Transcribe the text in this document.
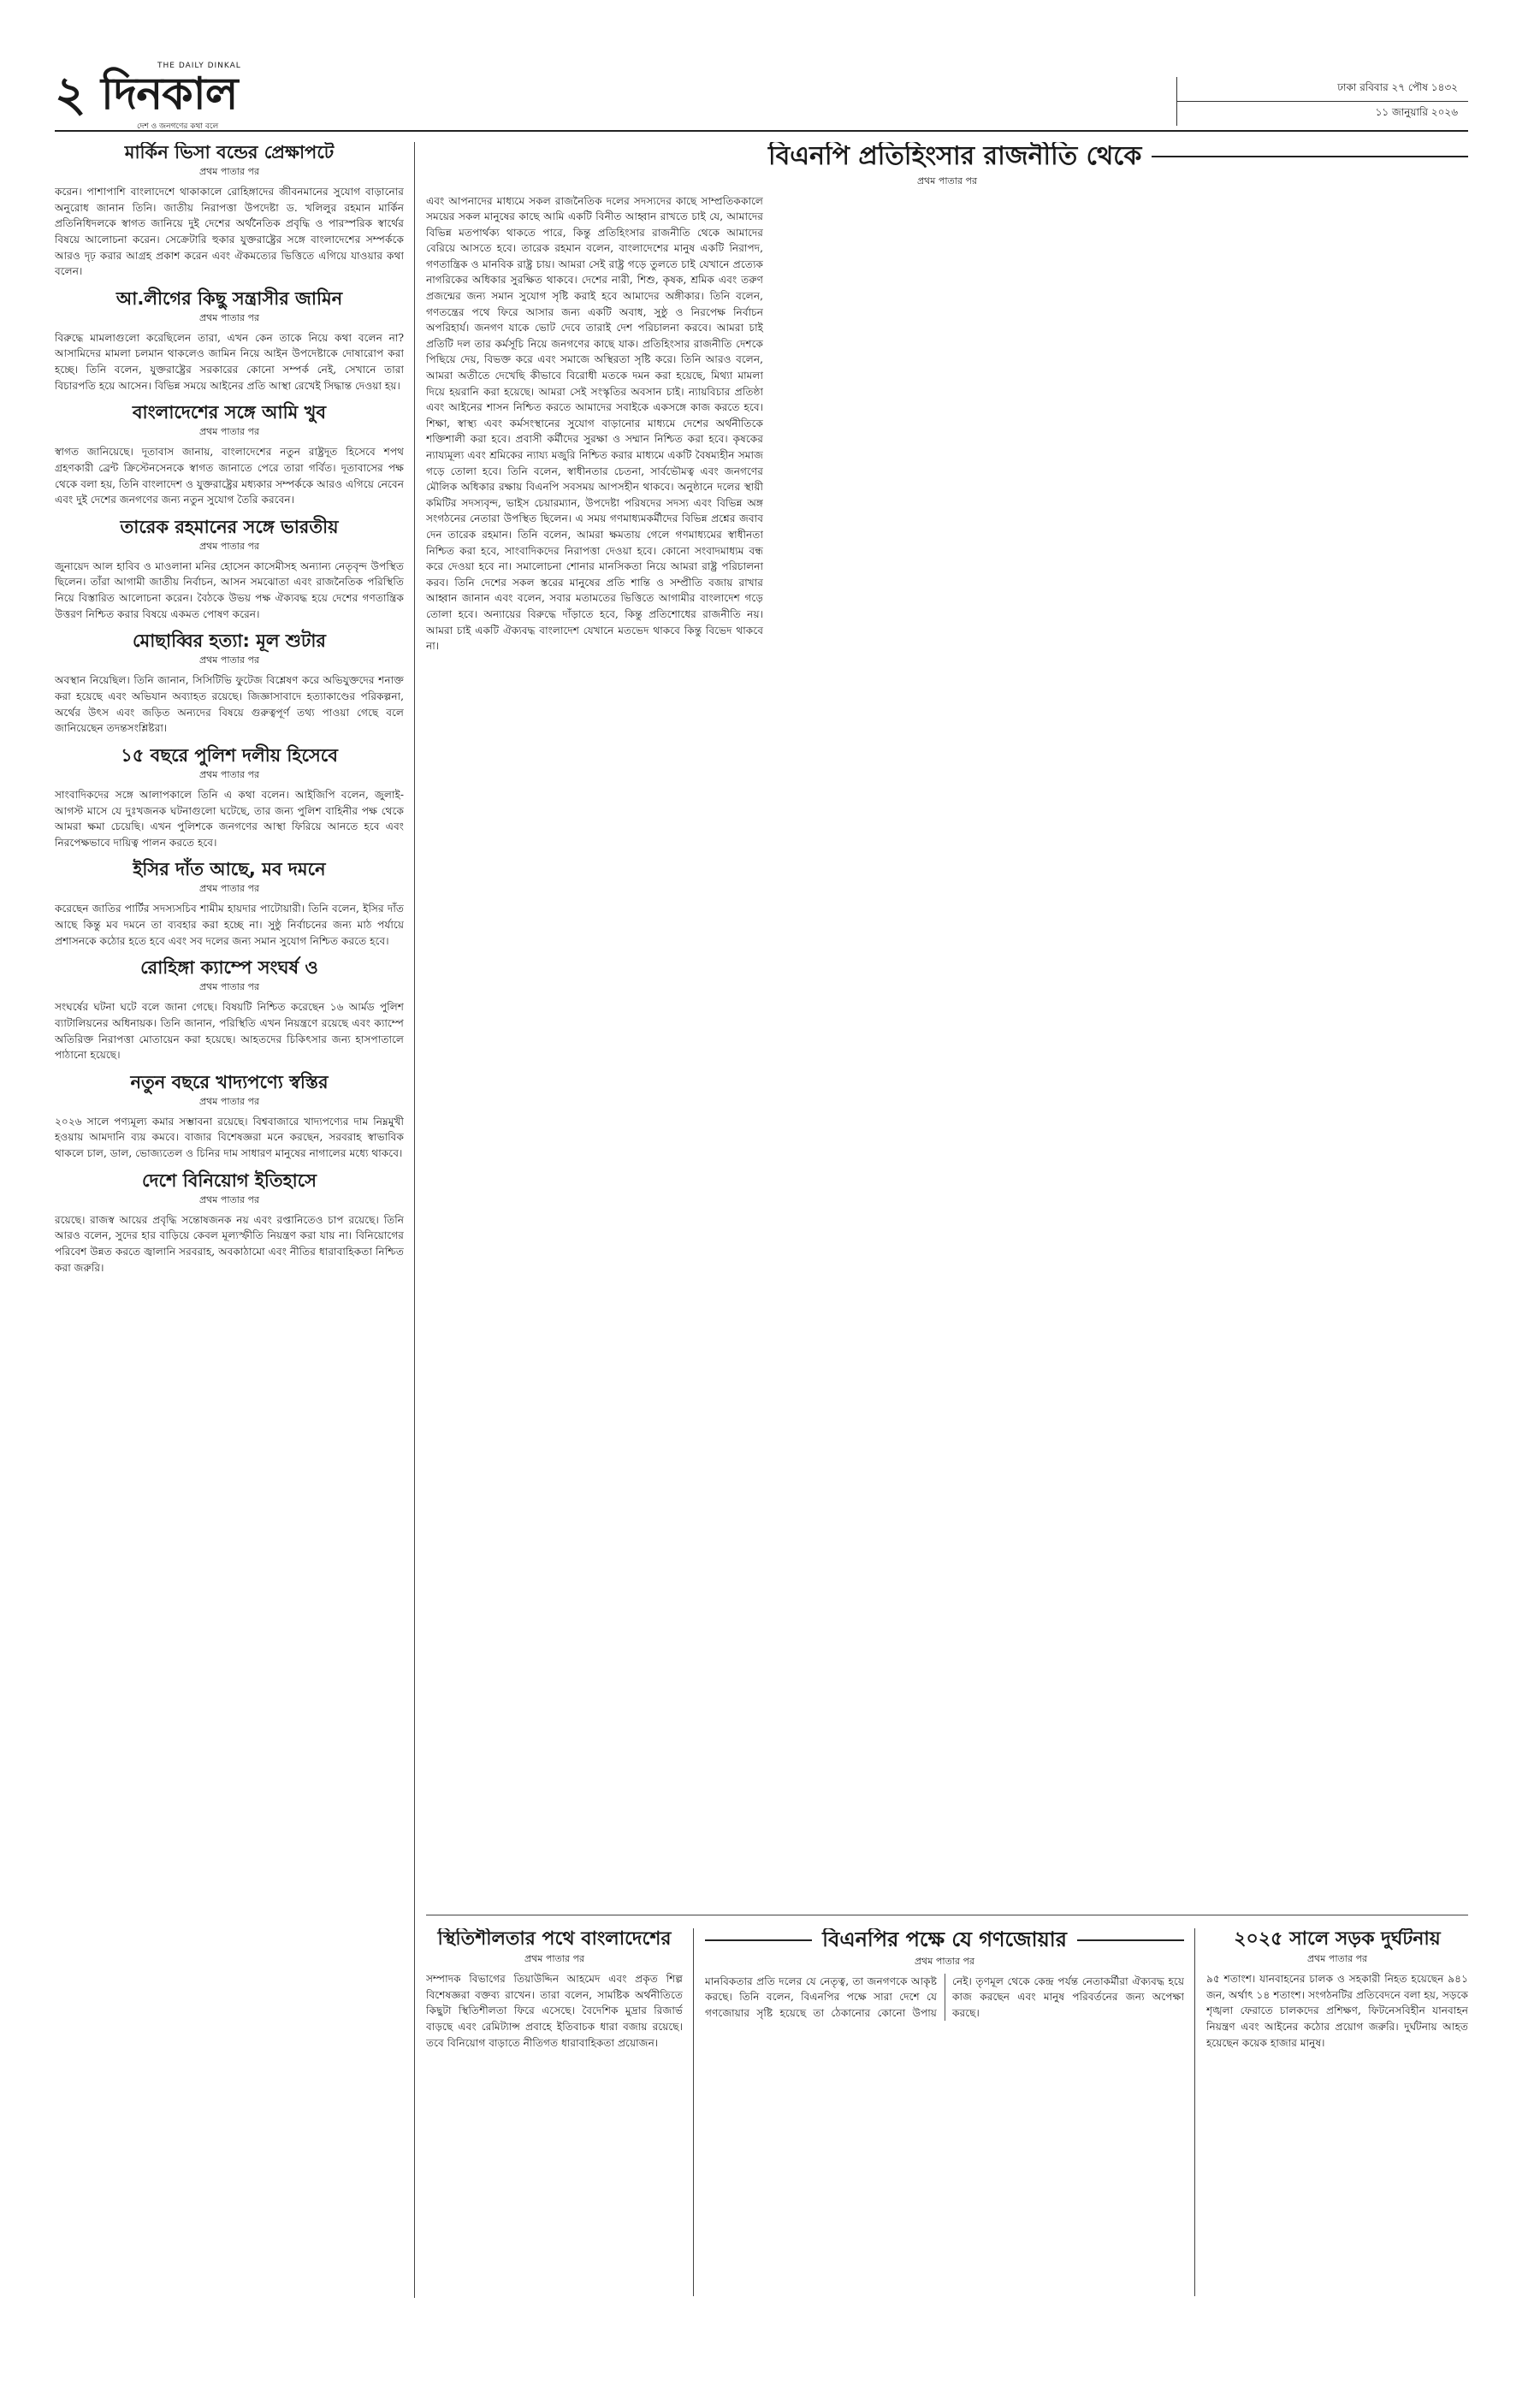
২	THE DAILY DINKAL
দিনকাল
দেশ ও জনগণের কথা বলে
ঢাকা রবিবার ২৭ পৌষ ১৪৩২
১১ জানুয়ারি ২০২৬
মার্কিন ভিসা বন্ডের প্রেক্ষাপটে
প্রথম পাতার পর

করেন। পাশাপাশি বাংলাদেশে থাকাকালে রোহিঙ্গাদের জীবনমানের সুযোগ বাড়ানোর অনুরোধ জানান তিনি। জাতীয় নিরাপত্তা উপদেষ্টা ড. খলিলুর রহমান মার্কিন প্রতিনিধিদলকে স্বাগত জানিয়ে দুই দেশের অর্থনৈতিক প্রবৃদ্ধি ও পারস্পরিক স্বার্থের বিষয়ে আলোচনা করেন। সেক্রেটারি হুকার যুক্তরাষ্ট্রের সঙ্গে বাংলাদেশের সম্পর্ককে আরও দৃঢ় করার আগ্রহ প্রকাশ করেন এবং ঐকমত্যের ভিত্তিতে এগিয়ে যাওয়ার কথা বলেন।

আ.লীগের কিছু সন্ত্রাসীর জামিন
প্রথম পাতার পর

বিরুদ্ধে মামলাগুলো করেছিলেন তারা, এখন কেন তাকে নিয়ে কথা বলেন না? আসামিদের মামলা চলমান থাকলেও জামিন নিয়ে আইন উপদেষ্টাকে দোষারোপ করা হচ্ছে। তিনি বলেন, যুক্তরাষ্ট্রের সরকারের কোনো সম্পর্ক নেই, সেখানে তারা বিচারপতি হয়ে আসেন। বিভিন্ন সময়ে আইনের প্রতি আস্থা রেখেই সিদ্ধান্ত দেওয়া হয়।

বাংলাদেশের সঙ্গে আমি খুব
প্রথম পাতার পর

স্বাগত জানিয়েছে। দূতাবাস জানায়, বাংলাদেশের নতুন রাষ্ট্রদূত হিসেবে শপথ গ্রহণকারী ব্রেন্ট ক্রিস্টেনসেনকে স্বাগত জানাতে পেরে তারা গর্বিত। দূতাবাসের পক্ষ থেকে বলা হয়, তিনি বাংলাদেশ ও যুক্তরাষ্ট্রের মধ্যকার সম্পর্ককে আরও এগিয়ে নেবেন এবং দুই দেশের জনগণের জন্য নতুন সুযোগ তৈরি করবেন।

তারেক রহমানের সঙ্গে ভারতীয়
প্রথম পাতার পর

জুনায়েদ আল হাবিব ও মাওলানা মনির হোসেন কাসেমীসহ অন্যান্য নেতৃবৃন্দ উপস্থিত ছিলেন। তাঁরা আগামী জাতীয় নির্বাচন, আসন সমঝোতা এবং রাজনৈতিক পরিস্থিতি নিয়ে বিস্তারিত আলোচনা করেন। বৈঠকে উভয় পক্ষ ঐক্যবদ্ধ হয়ে দেশের গণতান্ত্রিক উত্তরণ নিশ্চিত করার বিষয়ে একমত পোষণ করেন।

মোছাব্বির হত্যা: মূল শুটার
প্রথম পাতার পর

অবস্থান নিয়েছিল। তিনি জানান, সিসিটিভি ফুটেজ বিশ্লেষণ করে অভিযুক্তদের শনাক্ত করা হয়েছে এবং অভিযান অব্যাহত রয়েছে। জিজ্ঞাসাবাদে হত্যাকাণ্ডের পরিকল্পনা, অর্থের উৎস এবং জড়িত অন্যদের বিষয়ে গুরুত্বপূর্ণ তথ্য পাওয়া গেছে বলে জানিয়েছেন তদন্তসংশ্লিষ্টরা।

১৫ বছরে পুলিশ দলীয় হিসেবে
প্রথম পাতার পর

সাংবাদিকদের সঙ্গে আলাপকালে তিনি এ কথা বলেন। আইজিপি বলেন, জুলাই-আগস্ট মাসে যে দুঃখজনক ঘটনাগুলো ঘটেছে, তার জন্য পুলিশ বাহিনীর পক্ষ থেকে আমরা ক্ষমা চেয়েছি। এখন পুলিশকে জনগণের আস্থা ফিরিয়ে আনতে হবে এবং নিরপেক্ষভাবে দায়িত্ব পালন করতে হবে।

ইসির দাঁত আছে, মব দমনে
প্রথম পাতার পর

করেছেন জাতির পার্টির সদস্যসচিব শামীম হায়দার পাটোয়ারী। তিনি বলেন, ইসির দাঁত আছে কিন্তু মব দমনে তা ব্যবহার করা হচ্ছে না। সুষ্ঠু নির্বাচনের জন্য মাঠ পর্যায়ে প্রশাসনকে কঠোর হতে হবে এবং সব দলের জন্য সমান সুযোগ নিশ্চিত করতে হবে।

রোহিঙ্গা ক্যাম্পে সংঘর্ষ ও
প্রথম পাতার পর

সংঘর্ষের ঘটনা ঘটে বলে জানা গেছে। বিষয়টি নিশ্চিত করেছেন ১৬ আর্মড পুলিশ ব্যাটালিয়নের অধিনায়ক। তিনি জানান, পরিস্থিতি এখন নিয়ন্ত্রণে রয়েছে এবং ক্যাম্পে অতিরিক্ত নিরাপত্তা মোতায়েন করা হয়েছে। আহতদের চিকিৎসার জন্য হাসপাতালে পাঠানো হয়েছে।

নতুন বছরে খাদ্যপণ্যে স্বস্তির
প্রথম পাতার পর

২০২৬ সালে পণ্যমূল্য কমার সম্ভাবনা রয়েছে। বিশ্ববাজারে খাদ্যপণ্যের দাম নিম্নমুখী হওয়ায় আমদানি ব্যয় কমবে। বাজার বিশেষজ্ঞরা মনে করছেন, সরবরাহ স্বাভাবিক থাকলে চাল, ডাল, ভোজ্যতেল ও চিনির দাম সাধারণ মানুষের নাগালের মধ্যে থাকবে।

দেশে বিনিয়োগ ইতিহাসে
প্রথম পাতার পর

রয়েছে। রাজস্ব আয়ের প্রবৃদ্ধি সন্তোষজনক নয় এবং রপ্তানিতেও চাপ রয়েছে। তিনি আরও বলেন, সুদের হার বাড়িয়ে কেবল মূল্যস্ফীতি নিয়ন্ত্রণ করা যায় না। বিনিয়োগের পরিবেশ উন্নত করতে জ্বালানি সরবরাহ, অবকাঠামো এবং নীতির ধারাবাহিকতা নিশ্চিত করা জরুরি।

বিএনপি প্রতিহিংসার রাজনীতি থেকে
প্রথম পাতার পর

এবং আপনাদের মাধ্যমে সকল রাজনৈতিক দলের সদস্যদের কাছে সাম্প্রতিককালে সময়ের সকল মানুষের কাছে আমি একটি বিনীত আহ্বান রাখতে চাই যে, আমাদের বিভিন্ন মতপার্থক্য থাকতে পারে, কিন্তু প্রতিহিংসার রাজনীতি থেকে আমাদের বেরিয়ে আসতে হবে। তারেক রহমান বলেন, বাংলাদেশের মানুষ একটি নিরাপদ, গণতান্ত্রিক ও মানবিক রাষ্ট্র চায়। আমরা সেই রাষ্ট্র গড়ে তুলতে চাই যেখানে প্রত্যেক নাগরিকের অধিকার সুরক্ষিত থাকবে। দেশের নারী, শিশু, কৃষক, শ্রমিক এবং তরুণ প্রজন্মের জন্য সমান সুযোগ সৃষ্টি করাই হবে আমাদের অঙ্গীকার। তিনি বলেন, গণতন্ত্রের পথে ফিরে আসার জন্য একটি অবাধ, সুষ্ঠু ও নিরপেক্ষ নির্বাচন অপরিহার্য। জনগণ যাকে ভোট দেবে তারাই দেশ পরিচালনা করবে। আমরা চাই প্রতিটি দল তার কর্মসূচি নিয়ে জনগণের কাছে যাক। প্রতিহিংসার রাজনীতি দেশকে পিছিয়ে দেয়, বিভক্ত করে এবং সমাজে অস্থিরতা সৃষ্টি করে। তিনি আরও বলেন, আমরা অতীতে দেখেছি কীভাবে বিরোধী মতকে দমন করা হয়েছে, মিথ্যা মামলা দিয়ে হয়রানি করা হয়েছে। আমরা সেই সংস্কৃতির অবসান চাই। ন্যায়বিচার প্রতিষ্ঠা এবং আইনের শাসন নিশ্চিত করতে আমাদের সবাইকে একসঙ্গে কাজ করতে হবে। শিক্ষা, স্বাস্থ্য এবং কর্মসংস্থানের সুযোগ বাড়ানোর মাধ্যমে দেশের অর্থনীতিকে শক্তিশালী করা হবে। প্রবাসী কর্মীদের সুরক্ষা ও সম্মান নিশ্চিত করা হবে। কৃষকের ন্যায্যমূল্য এবং শ্রমিকের ন্যায্য মজুরি নিশ্চিত করার মাধ্যমে একটি বৈষম্যহীন সমাজ গড়ে তোলা হবে। তিনি বলেন, স্বাধীনতার চেতনা, সার্বভৌমত্ব এবং জনগণের মৌলিক অধিকার রক্ষায় বিএনপি সবসময় আপসহীন থাকবে। অনুষ্ঠানে দলের স্থায়ী কমিটির সদস্যবৃন্দ, ভাইস চেয়ারম্যান, উপদেষ্টা পরিষদের সদস্য এবং বিভিন্ন অঙ্গ সংগঠনের নেতারা উপস্থিত ছিলেন। এ সময় গণমাধ্যমকর্মীদের বিভিন্ন প্রশ্নের জবাব দেন তারেক রহমান। তিনি বলেন, আমরা ক্ষমতায় গেলে গণমাধ্যমের স্বাধীনতা নিশ্চিত করা হবে, সাংবাদিকদের নিরাপত্তা দেওয়া হবে। কোনো সংবাদমাধ্যম বন্ধ করে দেওয়া হবে না। সমালোচনা শোনার মানসিকতা নিয়ে আমরা রাষ্ট্র পরিচালনা করব। তিনি দেশের সকল স্তরের মানুষের প্রতি শান্তি ও সম্প্রীতি বজায় রাখার আহ্বান জানান এবং বলেন, সবার মতামতের ভিত্তিতে আগামীর বাংলাদেশ গড়ে তোলা হবে। অন্যায়ের বিরুদ্ধে দাঁড়াতে হবে, কিন্তু প্রতিশোধের রাজনীতি নয়। আমরা চাই একটি ঐক্যবদ্ধ বাংলাদেশ যেখানে মতভেদ থাকবে কিন্তু বিভেদ থাকবে না।

স্থিতিশীলতার পথে বাংলাদেশের
প্রথম পাতার পর

সম্পাদক বিভাগের তিয়াউদ্দিন আহমেদ এবং প্রকৃত শিল্প বিশেষজ্ঞরা বক্তব্য রাখেন। তারা বলেন, সামষ্টিক অর্থনীতিতে কিছুটা স্থিতিশীলতা ফিরে এসেছে। বৈদেশিক মুদ্রার রিজার্ভ বাড়ছে এবং রেমিট্যান্স প্রবাহে ইতিবাচক ধারা বজায় রয়েছে। তবে বিনিয়োগ বাড়াতে নীতিগত ধারাবাহিকতা প্রয়োজন।

বিএনপির পক্ষে যে গণজোয়ার
প্রথম পাতার পর

মানবিকতার প্রতি দলের যে নেতৃত্ব, তা জনগণকে আকৃষ্ট করছে। তিনি বলেন, বিএনপির পক্ষে সারা দেশে যে গণজোয়ার সৃষ্টি হয়েছে তা ঠেকানোর কোনো উপায় নেই। তৃণমূল থেকে কেন্দ্র পর্যন্ত নেতাকর্মীরা ঐক্যবদ্ধ হয়ে কাজ করছেন এবং মানুষ পরিবর্তনের জন্য অপেক্ষা করছে।

২০২৫ সালে সড়ক দুর্ঘটনায়
প্রথম পাতার পর

৯৫ শতাংশ। যানবাহনের চালক ও সহকারী নিহত হয়েছেন ৯৪১ জন, অর্থাৎ ১৪ শতাংশ। সংগঠনটির প্রতিবেদনে বলা হয়, সড়কে শৃঙ্খলা ফেরাতে চালকদের প্রশিক্ষণ, ফিটনেসবিহীন যানবাহন নিয়ন্ত্রণ এবং আইনের কঠোর প্রয়োগ জরুরি। দুর্ঘটনায় আহত হয়েছেন কয়েক হাজার মানুষ।
